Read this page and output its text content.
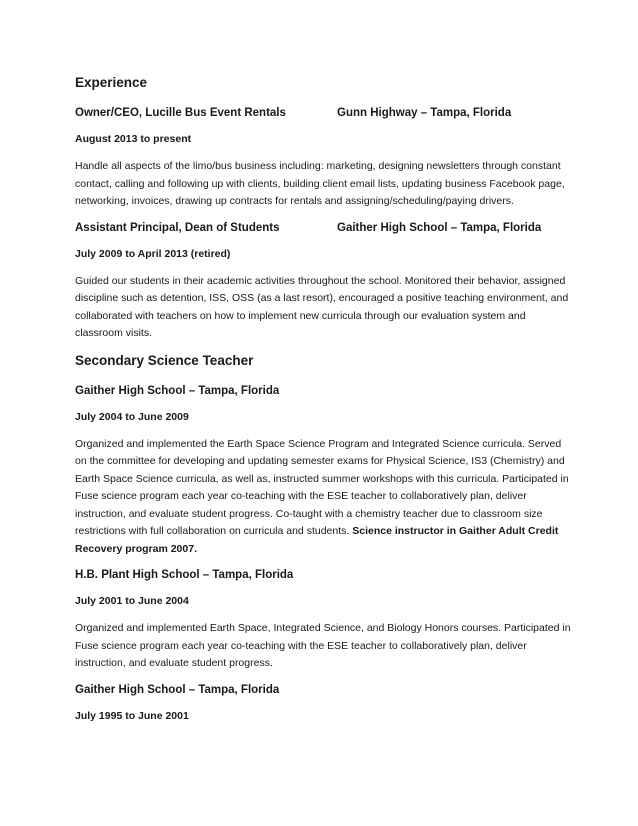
Experience
Owner/CEO, Lucille Bus Event Rentals	Gunn Highway – Tampa, Florida
August 2013 to present
Handle all aspects of the limo/bus business including: marketing, designing newsletters through constant contact, calling and following up with clients, building client email lists, updating business Facebook page, networking, invoices, drawing up contracts for rentals and assigning/scheduling/paying drivers.
Assistant Principal, Dean of Students	Gaither High School – Tampa, Florida
July 2009 to April 2013 (retired)
Guided our students in their academic activities throughout the school. Monitored their behavior, assigned discipline such as detention, ISS, OSS (as a last resort), encouraged a positive teaching environment, and collaborated with teachers on how to implement new curricula through our evaluation system and classroom visits.
Secondary Science Teacher
Gaither High School – Tampa, Florida
July 2004 to June 2009
Organized and implemented the Earth Space Science Program and Integrated Science curricula. Served on the committee for developing and updating semester exams for Physical Science, IS3 (Chemistry) and Earth Space Science curricula, as well as, instructed summer workshops with this curricula. Participated in Fuse science program each year co-teaching with the ESE teacher to collaboratively plan, deliver instruction, and evaluate student progress. Co-taught with a chemistry teacher due to classroom size restrictions with full collaboration on curricula and students. Science instructor in Gaither Adult Credit Recovery program 2007.
H.B. Plant High School – Tampa, Florida
July 2001 to June 2004
Organized and implemented Earth Space, Integrated Science, and Biology Honors courses. Participated in Fuse science program each year co-teaching with the ESE teacher to collaboratively plan, deliver instruction, and evaluate student progress.
Gaither High School – Tampa, Florida
July 1995 to June 2001
